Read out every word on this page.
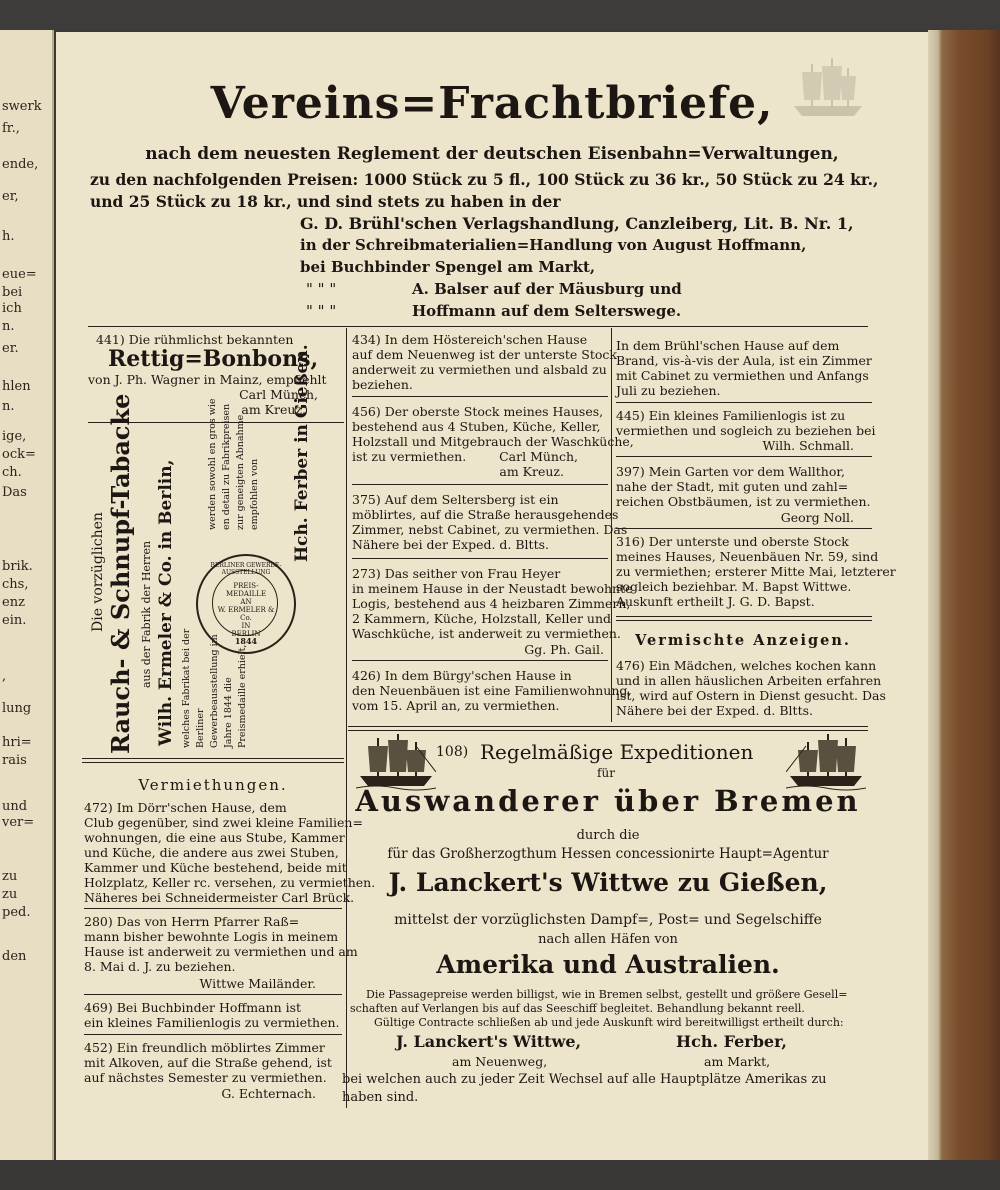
swerk
fr.,
ende,
er,
h.
eue=
bei
ich
n.
er.
hlen
n.
ige,
ock=
ch.
Das
brik.
chs,
enz
ein.
,
lung
hri=
rais
und
ver=
zu
zu
ped.
den
Vereins=Frachtbriefe,
nach dem neuesten Reglement der deutschen Eisenbahn=Verwaltungen,
zu den nachfolgenden Preisen: 1000 Stück zu 5 fl., 100 Stück zu 36 kr., 50 Stück zu 24 kr.,
und 25 Stück zu 18 kr., und sind stets zu haben in der
G. D. Brühl'schen Verlagshandlung, Canzleiberg, Lit. B. Nr. 1,
in der Schreibmaterialien=Handlung von August Hoffmann,
bei Buchbinder Spengel am Markt,
" " "	A. Balser auf der Mäusburg und
" " "	Hoffmann auf dem Selterswege.
441) Die rühmlichst bekannten
Rettig=Bonbons,
von J. Ph. Wagner in Mainz, empfiehlt
Carl Münch,
am Kreuz.
Die vorzüglichen Rauch- & Schnupf-Tabacke aus der Fabrik der Herren Wilh. Ermeler & Co. in Berlin, welches Fabrikat bei der Berliner Gewerbeausstellung im Jahre 1844 die Preismedaille erhielt,
werden sowohl en gros wie en detail zu Fabrikpreisen zur geneigten Abnahme empfohlen von Hch. Ferber in Gießen.
BERLINER GEWERBE-AUSSTELLUNG
PREIS-
MEDAILLE
AN
W. ERMELER & Co.
IN
BERLIN
1844
Vermiethungen.
472) Im Dörr'schen Hause, dem
Club gegenüber, sind zwei kleine Familien=
wohnungen, die eine aus Stube, Kammer
und Küche, die andere aus zwei Stuben,
Kammer und Küche bestehend, beide mit
Holzplatz, Keller rc. versehen, zu vermiethen.
Näheres bei Schneidermeister Carl Brück.
280) Das von Herrn Pfarrer Raß=
mann bisher bewohnte Logis in meinem
Hause ist anderweit zu vermiethen und am
8. Mai d. J. zu beziehen.
Wittwe Mailänder.
469) Bei Buchbinder Hoffmann ist
ein kleines Familienlogis zu vermiethen.
452) Ein freundlich möblirtes Zimmer
mit Alkoven, auf die Straße gehend, ist
auf nächstes Semester zu vermiethen.
G. Echternach.
434) In dem Höstereich'schen Hause
auf dem Neuenweg ist der unterste Stock
anderweit zu vermiethen und alsbald zu
beziehen.
456) Der oberste Stock meines Hauses,
bestehend aus 4 Stuben, Küche, Keller,
Holzstall und Mitgebrauch der Waschküche,
ist zu vermiethen.	Carl Münch,
am Kreuz.
375) Auf dem Seltersberg ist ein
möblirtes, auf die Straße herausgehendes
Zimmer, nebst Cabinet, zu vermiethen. Das
Nähere bei der Exped. d. Bltts.
273) Das seither von Frau Heyer
in meinem Hause in der Neustadt bewohnte
Logis, bestehend aus 4 heizbaren Zimmern,
2 Kammern, Küche, Holzstall, Keller und
Waschküche, ist anderweit zu vermiethen.
Gg. Ph. Gail.
426) In dem Bürgy'schen Hause in
den Neuenbäuen ist eine Familienwohnung,
vom 15. April an, zu vermiethen.
In dem Brühl'schen Hause auf dem
Brand, vis-à-vis der Aula, ist ein Zimmer
mit Cabinet zu vermiethen und Anfangs
Juli zu beziehen.
445) Ein kleines Familienlogis ist zu
vermiethen und sogleich zu beziehen bei
Wilh. Schmall.
397) Mein Garten vor dem Wallthor,
nahe der Stadt, mit guten und zahl=
reichen Obstbäumen, ist zu vermiethen.
Georg Noll.
316) Der unterste und oberste Stock
meines Hauses, Neuenbäuen Nr. 59, sind
zu vermiethen; ersterer Mitte Mai, letzterer
sogleich beziehbar. M. Bapst Wittwe.
Auskunft ertheilt J. G. D. Bapst.
Vermischte Anzeigen.
476) Ein Mädchen, welches kochen kann
und in allen häuslichen Arbeiten erfahren
ist, wird auf Ostern in Dienst gesucht. Das
Nähere bei der Exped. d. Bltts.
108) Regelmäßige Expeditionen
für
Auswanderer über Bremen
durch die
für das Großherzogthum Hessen concessionirte Haupt=Agentur
J. Lanckert's Wittwe zu Gießen,
mittelst der vorzüglichsten Dampf=, Post= und Segelschiffe
nach allen Häfen von
Amerika und Australien.
Die Passagepreise werden billigst, wie in Bremen selbst, gestellt und größere Gesell=
schaften auf Verlangen bis auf das Seeschiff begleitet. Behandlung bekannt reell.
Gültige Contracte schließen ab und jede Auskunft wird bereitwilligst ertheilt durch:
J. Lanckert's Wittwe,	Hch. Ferber,
am Neuenweg,	am Markt,
bei welchen auch zu jeder Zeit Wechsel auf alle Hauptplätze Amerikas zu
haben sind.
